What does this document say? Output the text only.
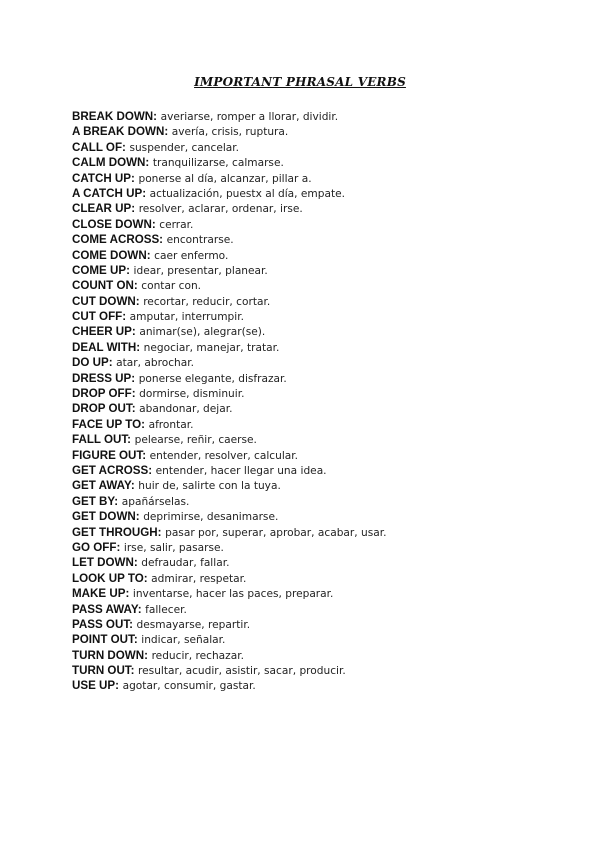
IMPORTANT PHRASAL VERBS
BREAK DOWN: averiarse, romper a llorar, dividir.
A BREAK DOWN: avería, crisis, ruptura.
CALL OF: suspender, cancelar.
CALM DOWN: tranquilizarse, calmarse.
CATCH UP: ponerse al día, alcanzar, pillar a.
A CATCH UP: actualización, puestx al día, empate.
CLEAR UP: resolver, aclarar, ordenar, irse.
CLOSE DOWN: cerrar.
COME ACROSS: encontrarse.
COME DOWN: caer enfermo.
COME UP: idear, presentar, planear.
COUNT ON: contar con.
CUT DOWN: recortar, reducir, cortar.
CUT OFF: amputar, interrumpir.
CHEER UP: animar(se), alegrar(se).
DEAL WITH: negociar, manejar, tratar.
DO UP: atar, abrochar.
DRESS UP: ponerse elegante, disfrazar.
DROP OFF: dormirse, disminuir.
DROP OUT: abandonar, dejar.
FACE UP TO: afrontar.
FALL OUT: pelearse, reñir, caerse.
FIGURE OUT: entender, resolver, calcular.
GET ACROSS: entender, hacer llegar una idea.
GET AWAY: huir de, salirte con la tuya.
GET BY: apañárselas.
GET DOWN: deprimirse, desanimarse.
GET THROUGH: pasar por, superar, aprobar, acabar, usar.
GO OFF: irse, salir, pasarse.
LET DOWN: defraudar, fallar.
LOOK UP TO: admirar, respetar.
MAKE UP: inventarse, hacer las paces, preparar.
PASS AWAY: fallecer.
PASS OUT: desmayarse, repartir.
POINT OUT: indicar, señalar.
TURN DOWN: reducir, rechazar.
TURN OUT: resultar, acudir, asistir, sacar, producir.
USE UP: agotar, consumir, gastar.
